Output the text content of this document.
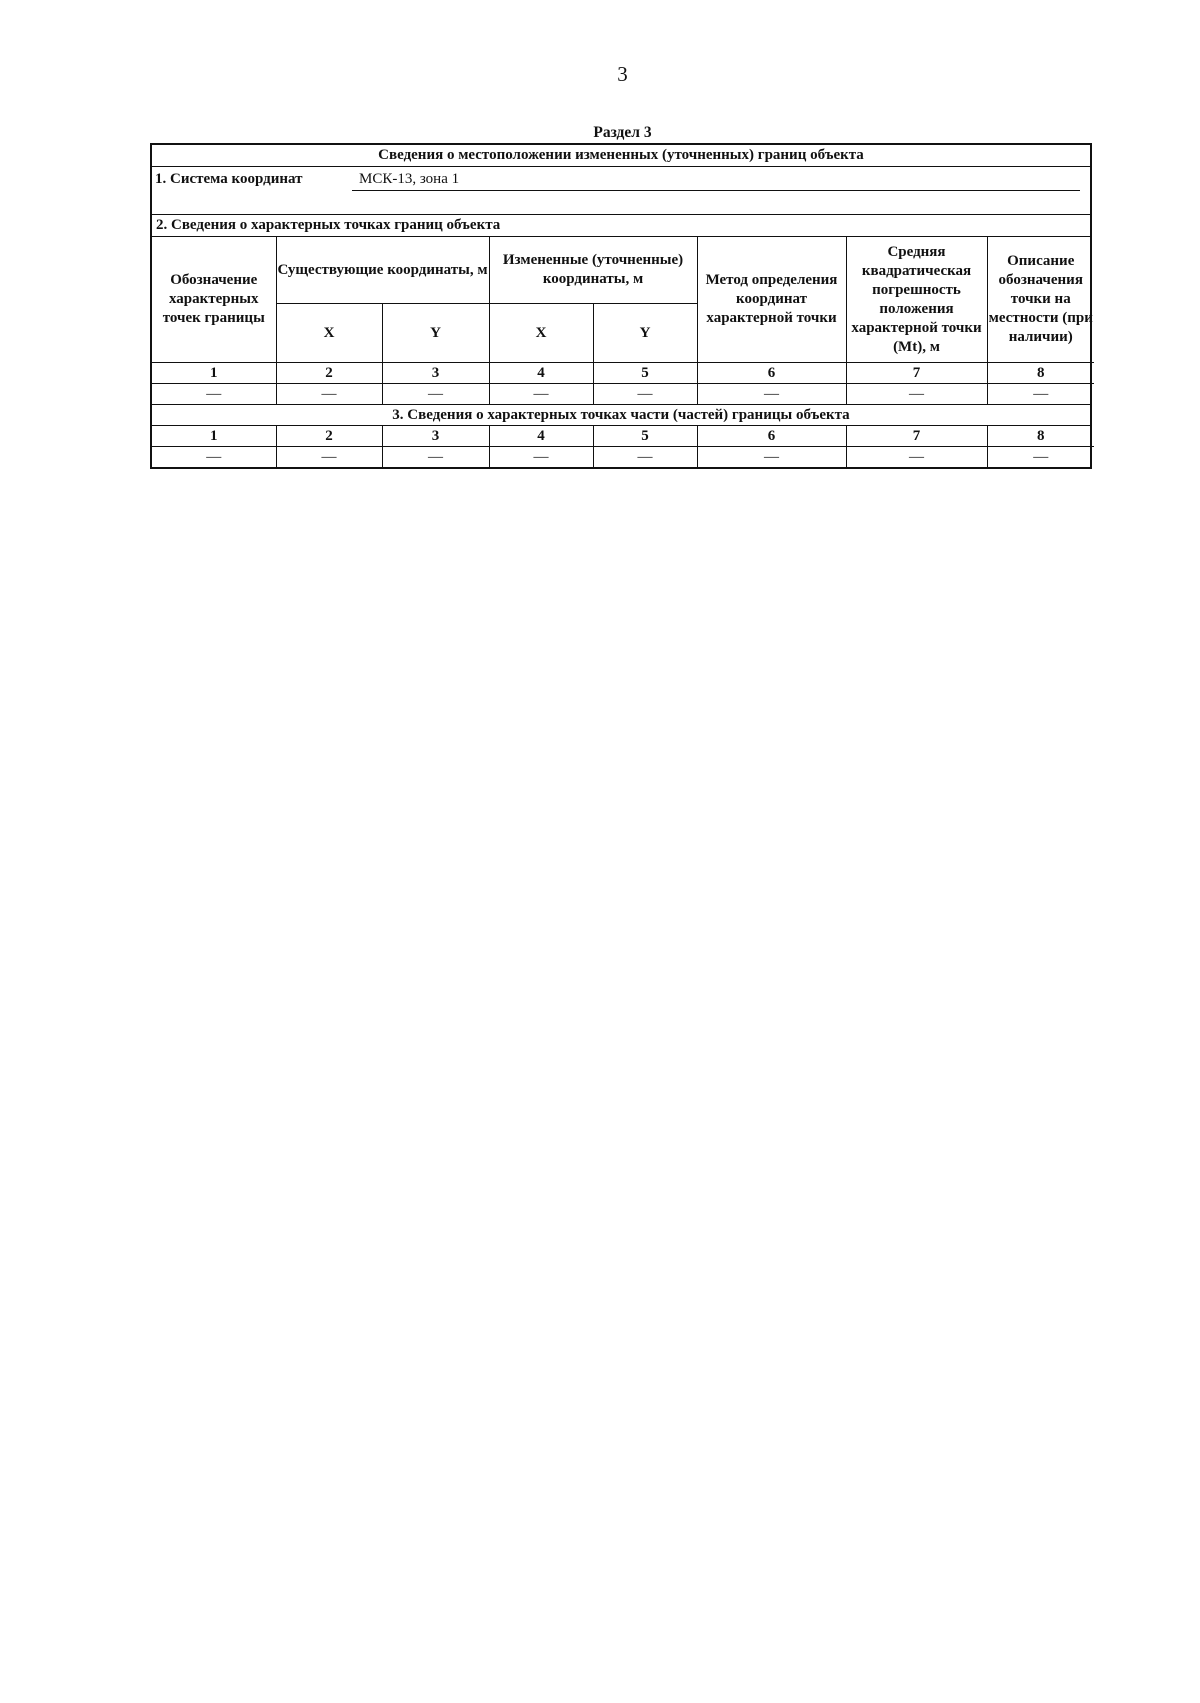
3
Раздел 3
Сведения о местоположении измененных (уточненных) границ объекта
1. Система координат	МСК-13, зона 1
2. Сведения о характерных точках границ объекта
Обозначение характерных точек границы	Существующие координаты, м		Измененные (уточненные) координаты, м		Метод определения координат характерной точки	Средняя квадратическая погрешность положения характерной точки (Mt), м	Описание обозначения точки на местности (при наличии)
	X	Y	X	Y			
1	2	3	4	5	6	7	8
—	—	—	—	—	—	—	—
3. Сведения о характерных точках части (частей) границы объекта
1	2	3	4	5	6	7	8
—	—	—	—	—	—	—	—
